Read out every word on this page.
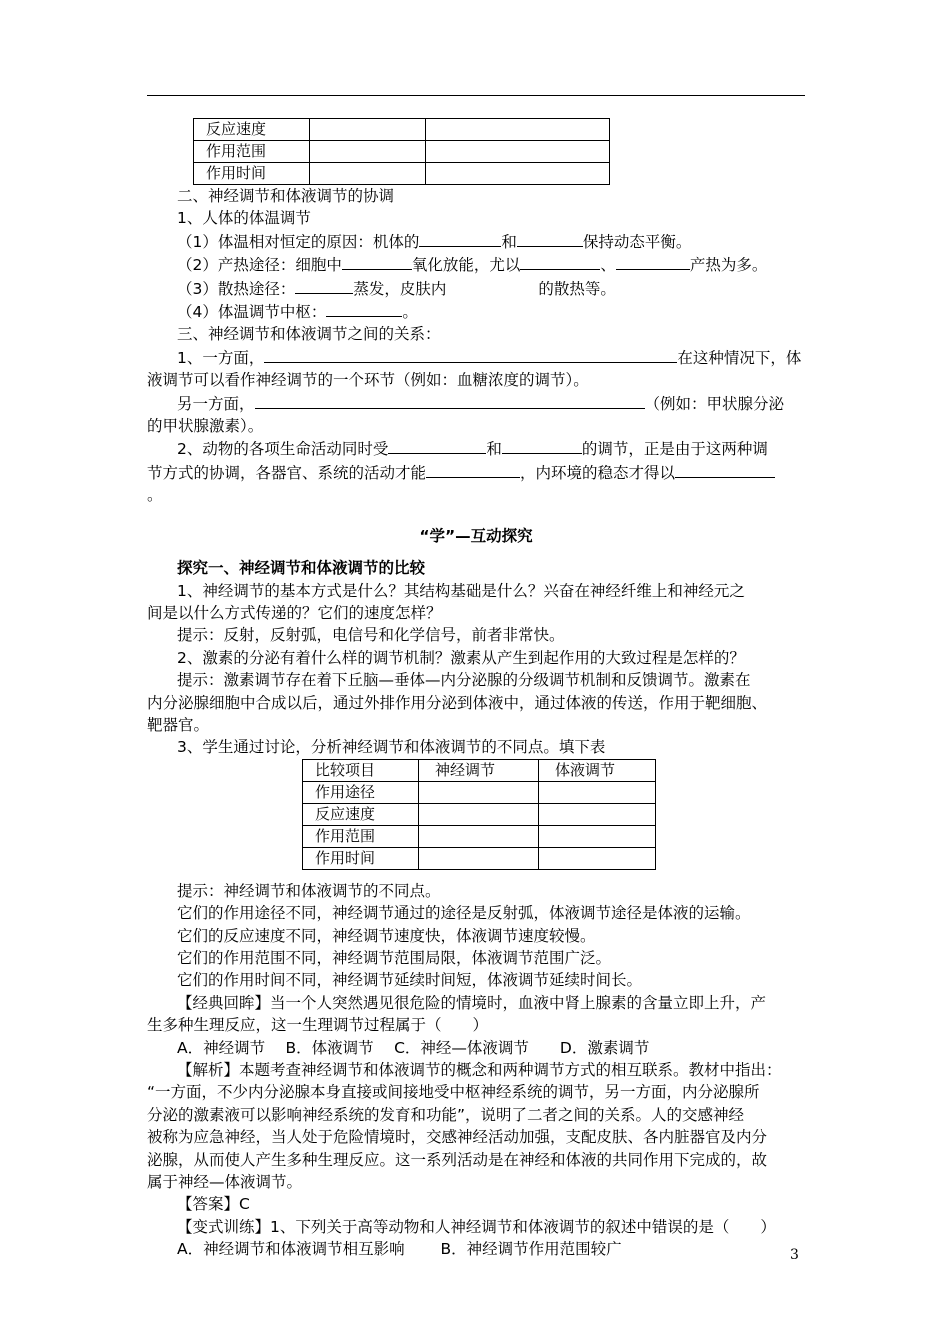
反应速度		
作用范围		
作用时间		
二、神经调节和体液调节的协调
1、人体的体温调节
（1）体温相对恒定的原因：机体的	和	保持动态平衡。
（2）产热途径：细胞中	氧化放能，尤以	、	产热为多。
（3）散热途径：	蒸发，皮肤内	的散热等。
（4）体温调节中枢：	。
三、神经调节和体液调节之间的关系：
1、一方面，	在这种情况下，体
液调节可以看作神经调节的一个环节（例如：血糖浓度的调节）。
另一方面，	（例如：甲状腺分泌
的甲状腺激素）。
2、动物的各项生命活动同时受	和	的调节，正是由于这两种调
节方式的协调，各器官、系统的活动才能	，内环境的稳态才得以
。
“学”—互动探究
探究一、神经调节和体液调节的比较
1、神经调节的基本方式是什么？其结构基础是什么？兴奋在神经纤维上和神经元之
间是以什么方式传递的？它们的速度怎样？
提示：反射，反射弧，电信号和化学信号，前者非常快。
2、激素的分泌有着什么样的调节机制？激素从产生到起作用的大致过程是怎样的？
提示：激素调节存在着下丘脑—垂体—内分泌腺的分级调节机制和反馈调节。激素在
内分泌腺细胞中合成以后，通过外排作用分泌到体液中，通过体液的传送，作用于靶细胞、
靶器官。
3、学生通过讨论，分析神经调节和体液调节的不同点。填下表
比较项目	神经调节	体液调节
作用途径		
反应速度		
作用范围		
作用时间		
提示：神经调节和体液调节的不同点。
它们的作用途径不同，神经调节通过的途径是反射弧，体液调节途径是体液的运输。
它们的反应速度不同，神经调节速度快，体液调节速度较慢。
它们的作用范围不同，神经调节范围局限，体液调节范围广泛。
它们的作用时间不同，神经调节延续时间短，体液调节延续时间长。
【经典回眸】当一个人突然遇见很危险的情境时，血液中肾上腺素的含量立即上升，产
生多种生理反应，这一生理调节过程属于（　　）
A．神经调节　 B．体液调节　 C．神经—体液调节　　D．激素调节
【解析】本题考查神经调节和体液调节的概念和两种调节方式的相互联系。教材中指出：
“一方面，不少内分泌腺本身直接或间接地受中枢神经系统的调节，另一方面，内分泌腺所
分泌的激素液可以影响神经系统的发育和功能”，说明了二者之间的关系。人的交感神经
被称为应急神经，当人处于危险情境时，交感神经活动加强，支配皮肤、各内脏器官及内分
泌腺，从而使人产生多种生理反应。这一系列活动是在神经和体液的共同作用下完成的，故
属于神经—体液调节。
【答案】C
【变式训练】1、下列关于高等动物和人神经调节和体液调节的叙述中错误的是（　　）
A．神经调节和体液调节相互影响　　 B．神经调节作用范围较广	3
